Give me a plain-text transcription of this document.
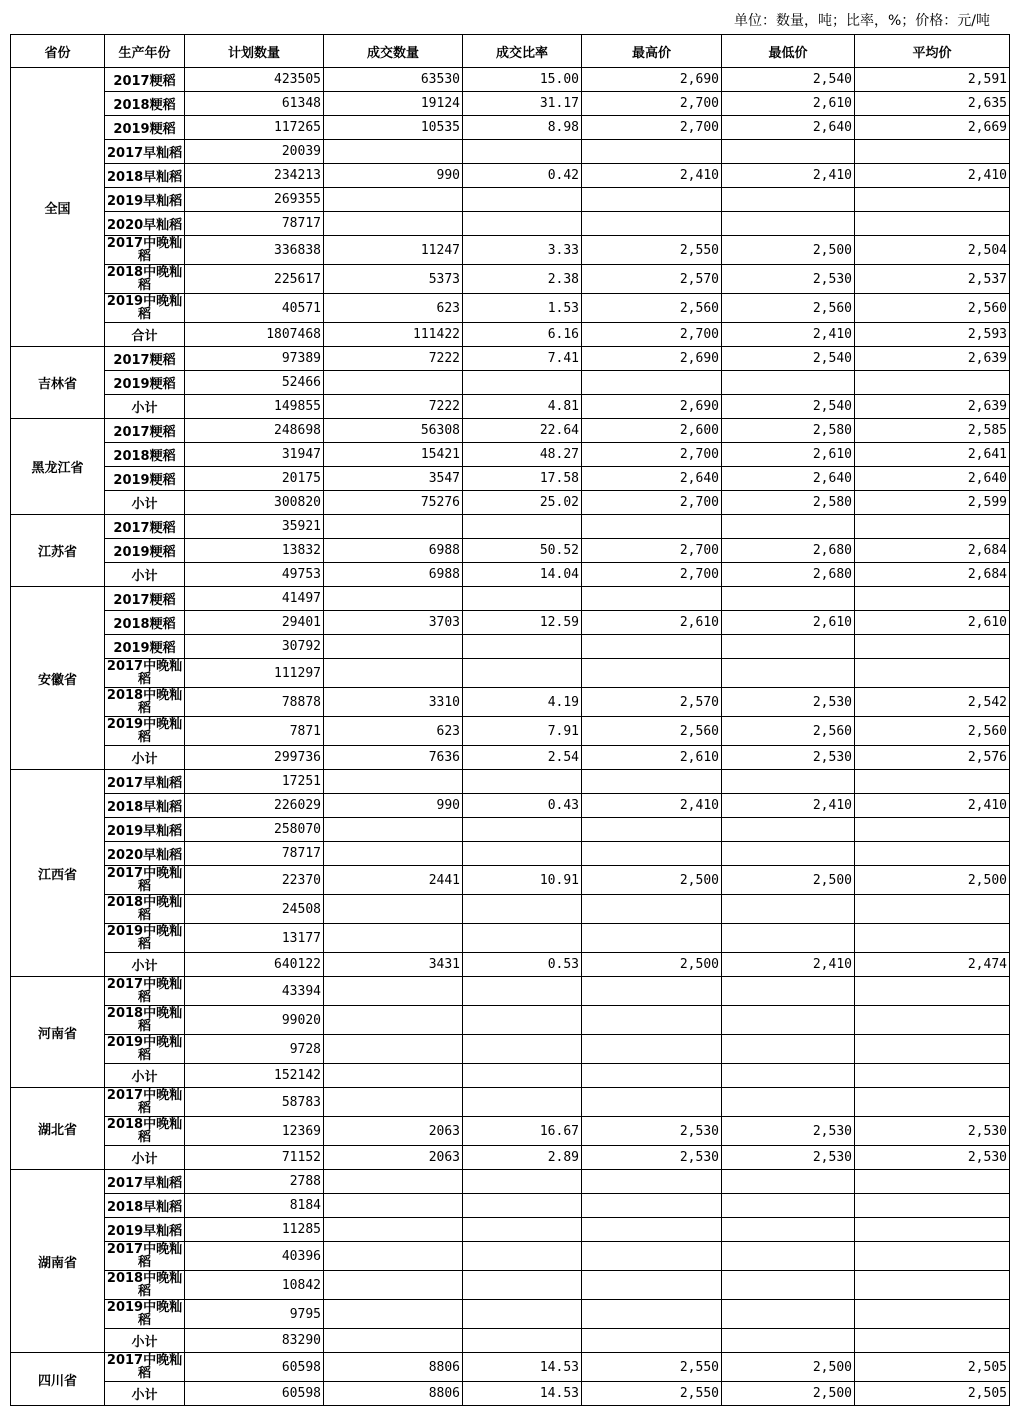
单位：数量，吨；比率，%；价格：元/吨
省份	生产年份	计划数量	成交数量	成交比率	最高价	最低价	平均价
全国	2017粳稻	423505	63530	15.00	2,690	2,540	2,591
	2018粳稻	61348	19124	31.17	2,700	2,610	2,635
	2019粳稻	117265	10535	8.98	2,700	2,640	2,669
	2017早籼稻	20039					
	2018早籼稻	234213	990	0.42	2,410	2,410	2,410
	2019早籼稻	269355					
	2020早籼稻	78717					
	2017中晚籼稻	336838	11247	3.33	2,550	2,500	2,504
	2018中晚籼稻	225617	5373	2.38	2,570	2,530	2,537
	2019中晚籼稻	40571	623	1.53	2,560	2,560	2,560
	合计	1807468	111422	6.16	2,700	2,410	2,593
吉林省	2017粳稻	97389	7222	7.41	2,690	2,540	2,639
	2019粳稻	52466					
	小计	149855	7222	4.81	2,690	2,540	2,639
黑龙江省	2017粳稻	248698	56308	22.64	2,600	2,580	2,585
	2018粳稻	31947	15421	48.27	2,700	2,610	2,641
	2019粳稻	20175	3547	17.58	2,640	2,640	2,640
	小计	300820	75276	25.02	2,700	2,580	2,599
江苏省	2017粳稻	35921					
	2019粳稻	13832	6988	50.52	2,700	2,680	2,684
	小计	49753	6988	14.04	2,700	2,680	2,684
安徽省	2017粳稻	41497					
	2018粳稻	29401	3703	12.59	2,610	2,610	2,610
	2019粳稻	30792					
	2017中晚籼稻	111297					
	2018中晚籼稻	78878	3310	4.19	2,570	2,530	2,542
	2019中晚籼稻	7871	623	7.91	2,560	2,560	2,560
	小计	299736	7636	2.54	2,610	2,530	2,576
江西省	2017早籼稻	17251					
	2018早籼稻	226029	990	0.43	2,410	2,410	2,410
	2019早籼稻	258070					
	2020早籼稻	78717					
	2017中晚籼稻	22370	2441	10.91	2,500	2,500	2,500
	2018中晚籼稻	24508					
	2019中晚籼稻	13177					
	小计	640122	3431	0.53	2,500	2,410	2,474
河南省	2017中晚籼稻	43394					
	2018中晚籼稻	99020					
	2019中晚籼稻	9728					
	小计	152142					
湖北省	2017中晚籼稻	58783					
	2018中晚籼稻	12369	2063	16.67	2,530	2,530	2,530
	小计	71152	2063	2.89	2,530	2,530	2,530
湖南省	2017早籼稻	2788					
	2018早籼稻	8184					
	2019早籼稻	11285					
	2017中晚籼稻	40396					
	2018中晚籼稻	10842					
	2019中晚籼稻	9795					
	小计	83290					
四川省	2017中晚籼稻	60598	8806	14.53	2,550	2,500	2,505
	小计	60598	8806	14.53	2,550	2,500	2,505
